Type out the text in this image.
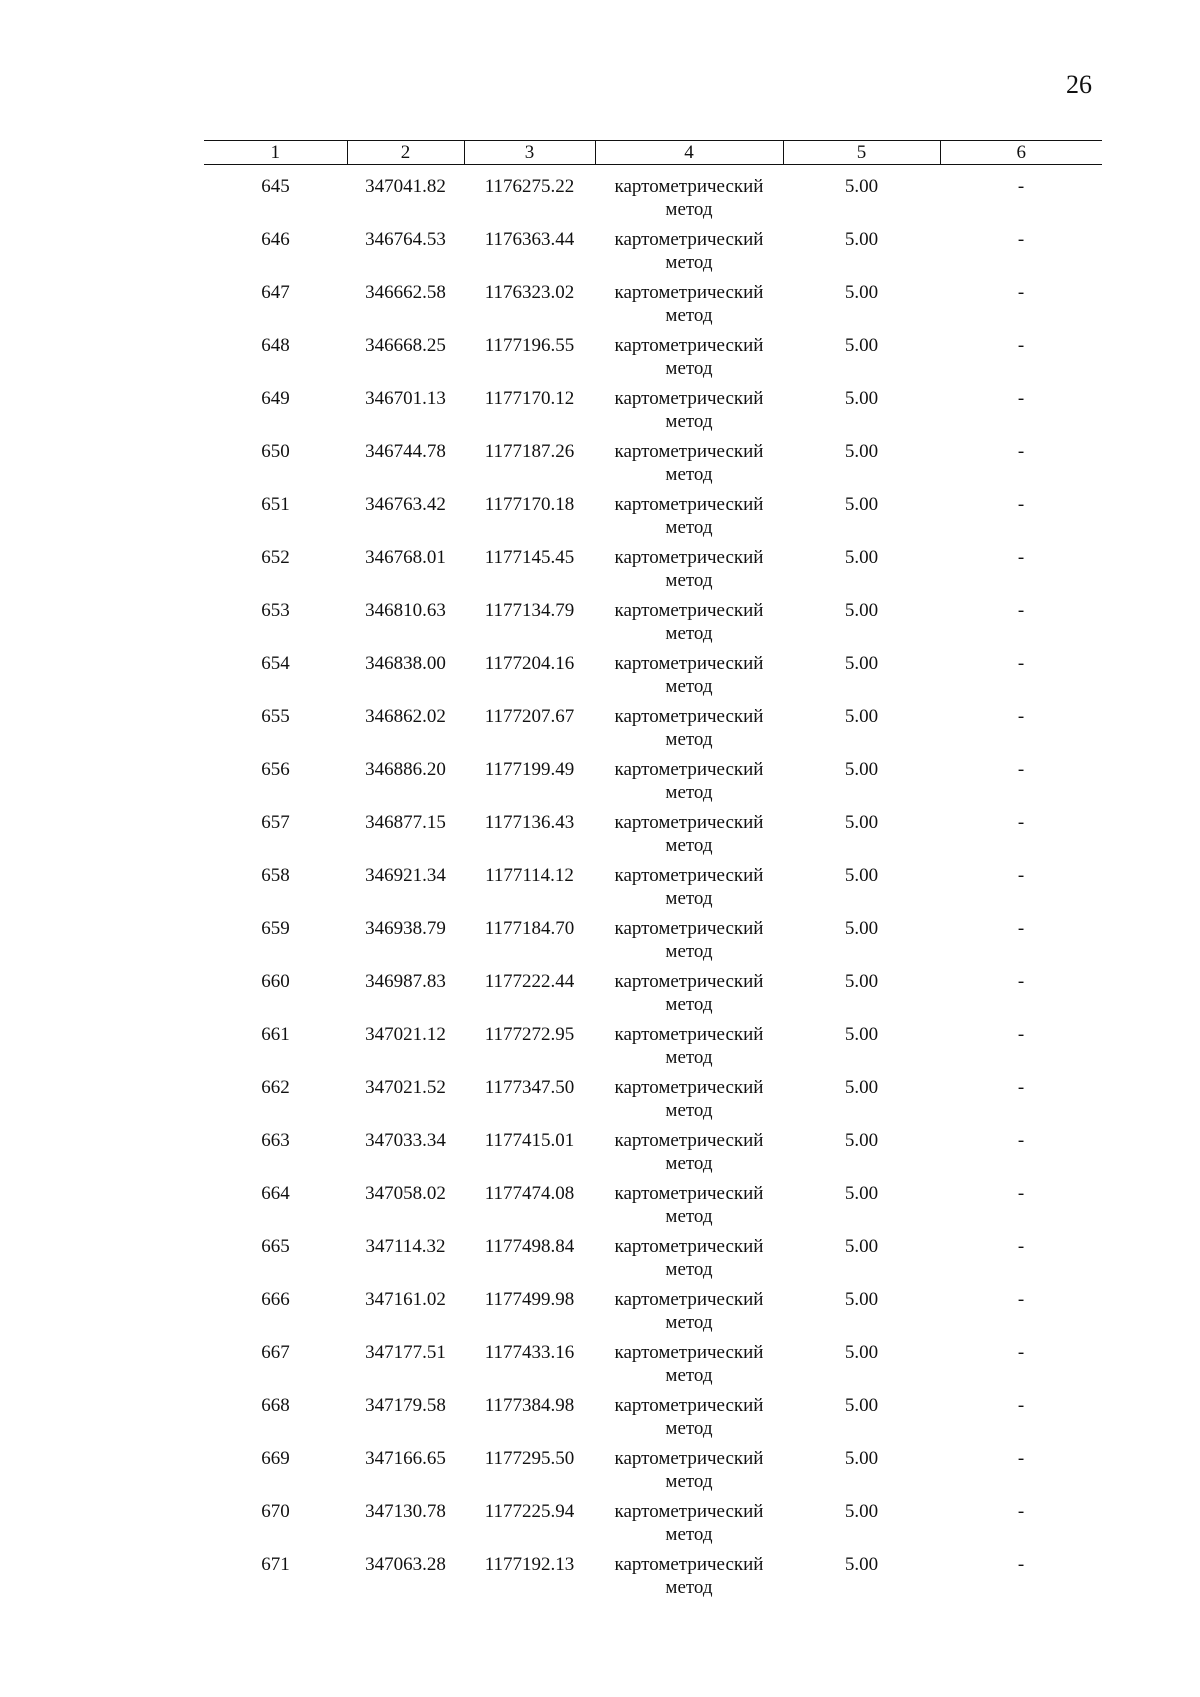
26
1	2	3	4	5	6

645	347041.82	1176275.22	картометрический
метод	5.00	-
646	346764.53	1176363.44	картометрический
метод	5.00	-
647	346662.58	1176323.02	картометрический
метод	5.00	-
648	346668.25	1177196.55	картометрический
метод	5.00	-
649	346701.13	1177170.12	картометрический
метод	5.00	-
650	346744.78	1177187.26	картометрический
метод	5.00	-
651	346763.42	1177170.18	картометрический
метод	5.00	-
652	346768.01	1177145.45	картометрический
метод	5.00	-
653	346810.63	1177134.79	картометрический
метод	5.00	-
654	346838.00	1177204.16	картометрический
метод	5.00	-
655	346862.02	1177207.67	картометрический
метод	5.00	-
656	346886.20	1177199.49	картометрический
метод	5.00	-
657	346877.15	1177136.43	картометрический
метод	5.00	-
658	346921.34	1177114.12	картометрический
метод	5.00	-
659	346938.79	1177184.70	картометрический
метод	5.00	-
660	346987.83	1177222.44	картометрический
метод	5.00	-
661	347021.12	1177272.95	картометрический
метод	5.00	-
662	347021.52	1177347.50	картометрический
метод	5.00	-
663	347033.34	1177415.01	картометрический
метод	5.00	-
664	347058.02	1177474.08	картометрический
метод	5.00	-
665	347114.32	1177498.84	картометрический
метод	5.00	-
666	347161.02	1177499.98	картометрический
метод	5.00	-
667	347177.51	1177433.16	картометрический
метод	5.00	-
668	347179.58	1177384.98	картометрический
метод	5.00	-
669	347166.65	1177295.50	картометрический
метод	5.00	-
670	347130.78	1177225.94	картометрический
метод	5.00	-
671	347063.28	1177192.13	картометрический
метод	5.00	-
